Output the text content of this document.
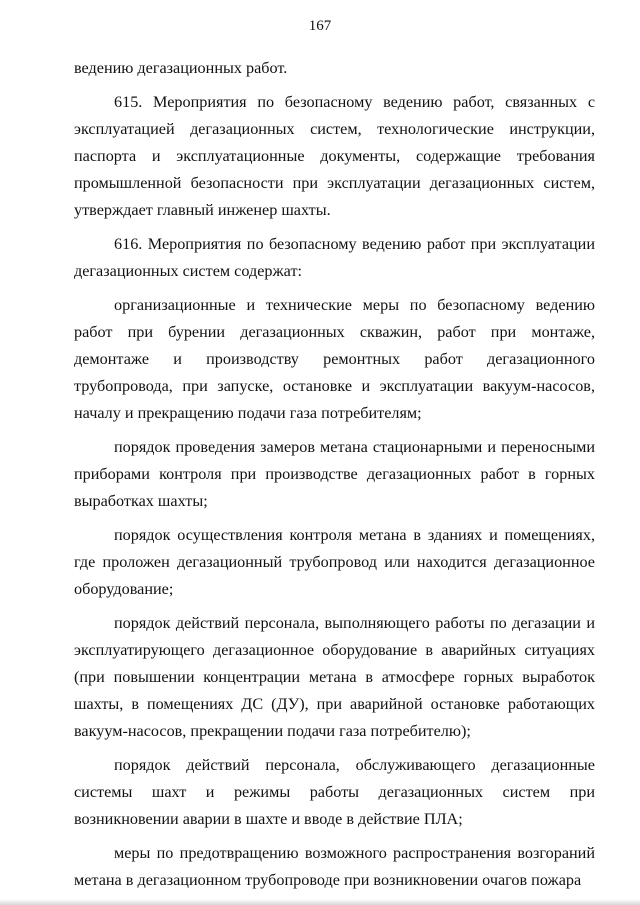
167

ведению дегазационных работ.

615. Мероприятия по безопасному ведению работ, связанных с эксплуатацией дегазационных систем, технологические инструкции, паспорта и эксплуатационные документы, содержащие требования промышленной безопасности при эксплуатации дегазационных систем, утверждает главный инженер шахты.

616. Мероприятия по безопасному ведению работ при эксплуатации дегазационных систем содержат:

организационные и технические меры по безопасному ведению работ при бурении дегазационных скважин, работ при монтаже, демонтаже и производству ремонтных работ дегазационного трубопровода, при запуске, остановке и эксплуатации вакуум-насосов, началу и прекращению подачи газа потребителям;

порядок проведения замеров метана стационарными и переносными приборами контроля при производстве дегазационных работ в горных выработках шахты;

порядок осуществления контроля метана в зданиях и помещениях, где проложен дегазационный трубопровод или находится дегазационное оборудование;

порядок действий персонала, выполняющего работы по дегазации и эксплуатирующего дегазационное оборудование в аварийных ситуациях (при повышении концентрации метана в атмосфере горных выработок шахты, в помещениях ДС (ДУ), при аварийной остановке работающих вакуум-насосов, прекращении подачи газа потребителю);

порядок действий персонала, обслуживающего дегазационные системы шахт и режимы работы дегазационных систем при возникновении аварии в шахте и вводе в действие ПЛА;

меры по предотвращению возможного распространения возгораний метана в дегазационном трубопроводе при возникновении очагов пожара
